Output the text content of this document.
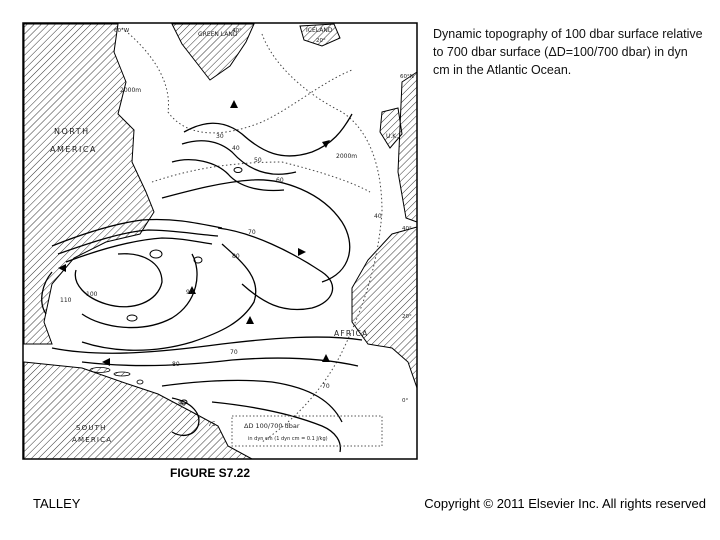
NORTH
AMERICA
SOUTH
AMERICA
AFRICA
GREEN LAND
ICELAND
U.K.
2000m
2000m
30
40
50
60
70
80
90
100
110
70
80
75
80
40
70
60°N
40°
20°
0°
60°W	40°
20°
ΔD 100/700 dbar
in dyn cm (1 dyn cm = 0.1 J/kg)
Dynamic topography of 100 dbar surface relative to 700 dbar surface (ΔD=100/700 dbar) in dyn cm in the Atlantic Ocean.
FIGURE S7.22
TALLEY	Copyright © 2011 Elsevier Inc. All rights reserved
